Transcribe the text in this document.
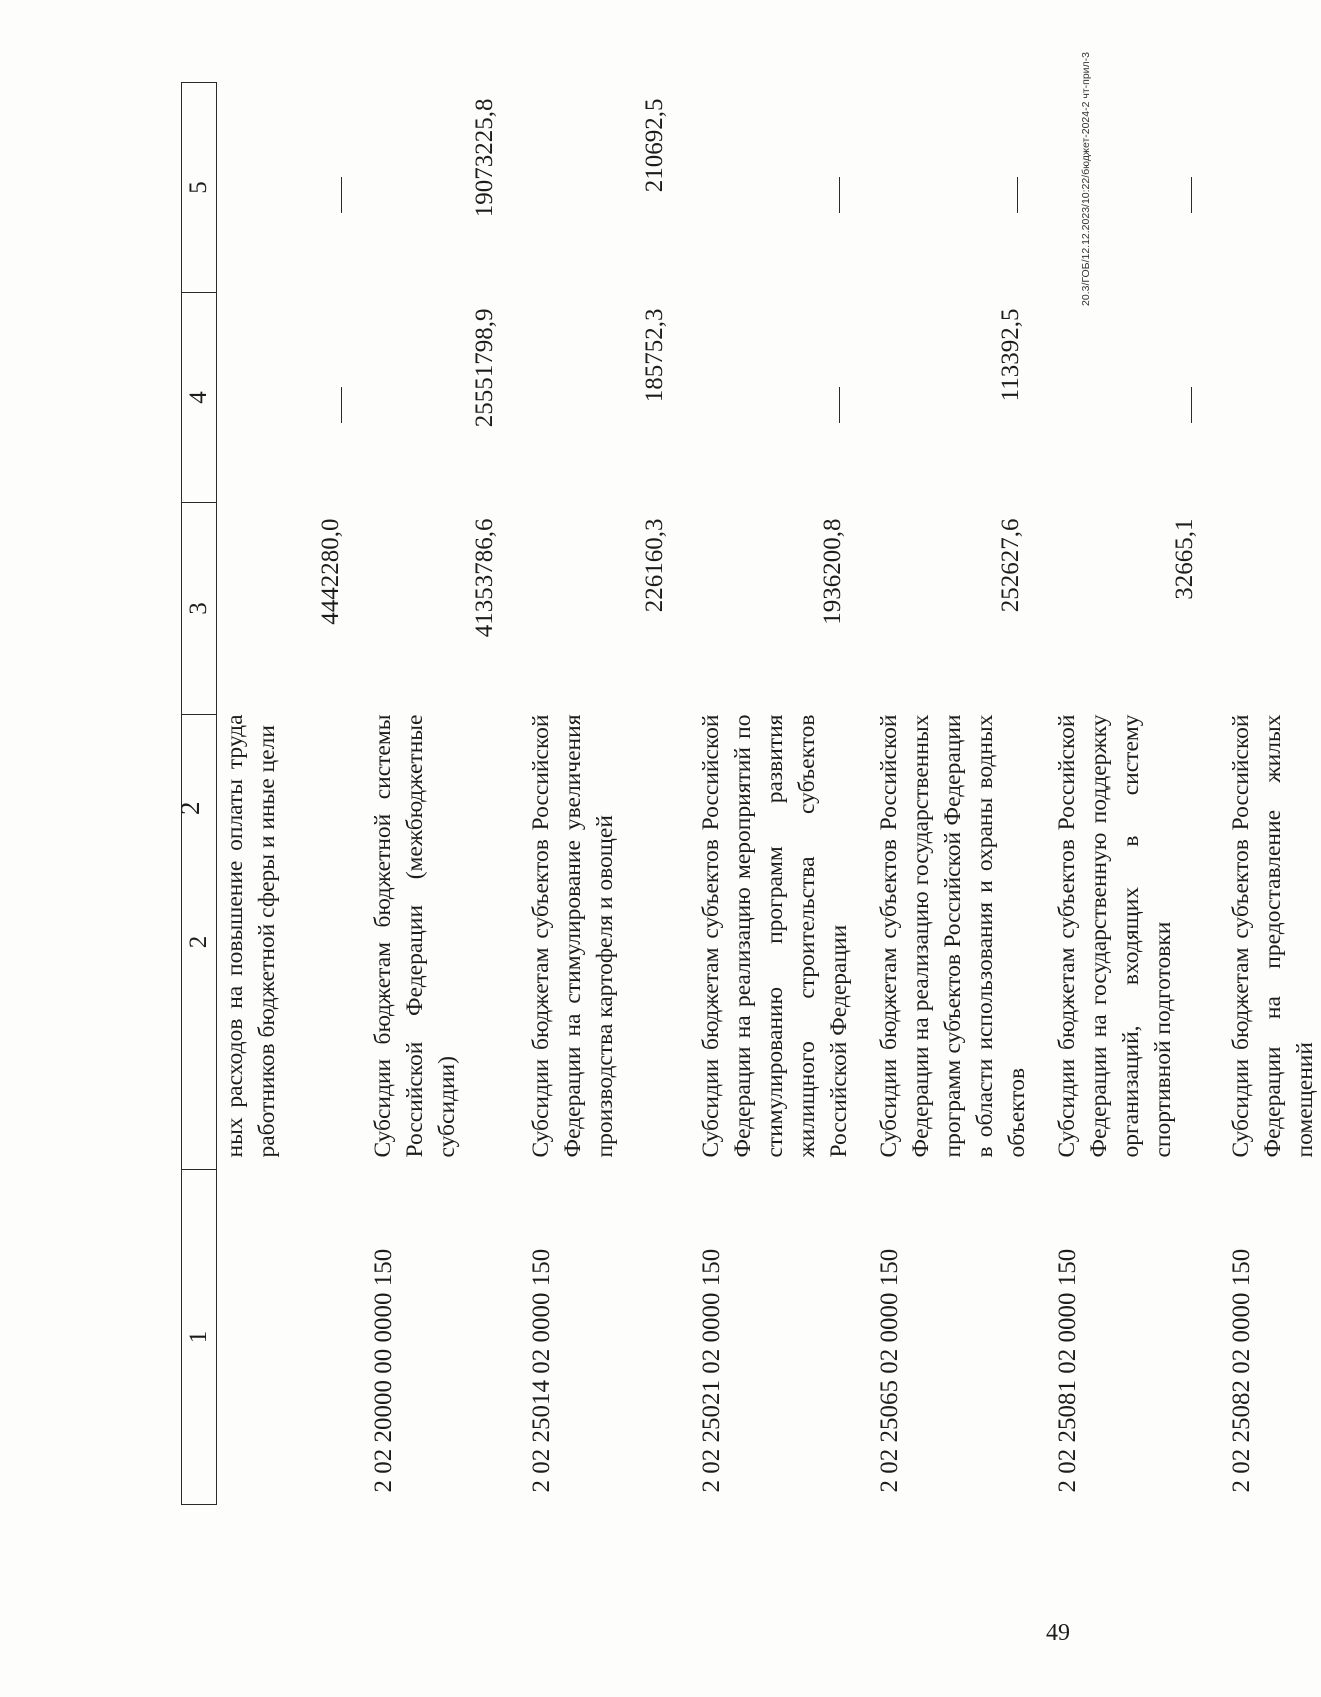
2
1	2	3	4	5
	ных расходов на повышение оплаты труда работников бюджетной сферы и иные цели	4442280,0		
2 02 20000 00 0000 150	Субсидии бюджетам бюджетной системы Российской Федерации (межбюджетные субсидии)	41353786,6	25551798,9	19073225,8
2 02 25014 02 0000 150	Субсидии бюджетам субъектов Российской Федерации на стимулирование увеличения производства картофеля и овощей	226160,3	185752,3	210692,5
2 02 25021 02 0000 150	Субсидии бюджетам субъектов Российской Федерации на реализацию мероприятий по стимулированию программ развития жилищного строительства субъектов Российской Федерации	1936200,8		
2 02 25065 02 0000 150	Субсидии бюджетам субъектов Российской Федерации на реализацию государственных программ субъектов Российской Федерации в области использования и охраны водных объектов	252627,6	113392,5	
2 02 25081 02 0000 150	Субсидии бюджетам субъектов Российской Федерации на государственную поддержку организаций, входящих в систему спортивной подготовки	32665,1		
2 02 25082 02 0000 150	Субсидии бюджетам субъектов Российской Федерации на предоставление жилых помещений			
20.3/ГОБ/12.12.2023/10:22/бюджет-2024-2 чт-прил-3
49
